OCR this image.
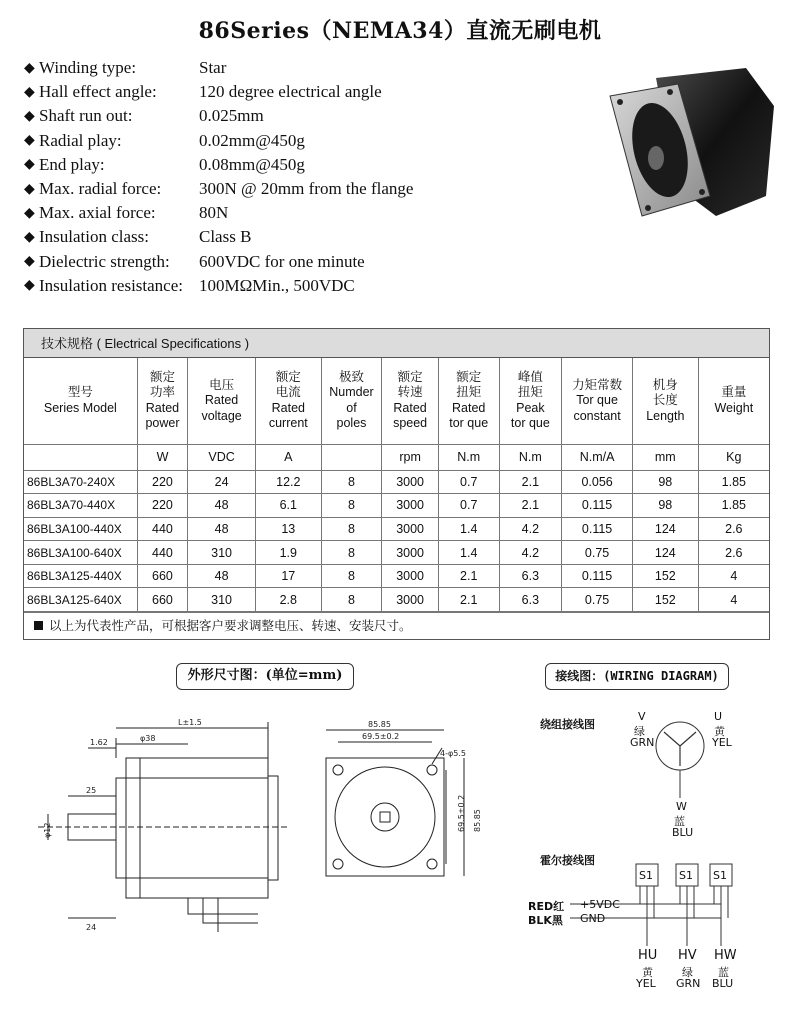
86Series（NEMA34）直流无刷电机
◆ Winding type:	Star
◆ Hall effect angle:	120 degree electrical angle
◆ Shaft run out:	0.025mm
◆ Radial play:	0.02mm@450g
◆ End play:	0.08mm@450g
◆ Max. radial force:	300N @ 20mm from the flange
◆ Max. axial force:	80N
◆ Insulation class:	Class B
◆ Dielectric strength:	600VDC for one minute
◆ Insulation resistance: 100MΩMin., 500VDC
技术规格 ( Electrical Specifications )
型号
Series Model	额定
功率
Rated
power	电压
Rated
voltage	额定
电流
Rated
current	极致
Numder
of
poles	额定
转速
Rated
speed	额定
扭矩
Rated
tor que	峰值
扭矩
Peak
tor que	力矩常数
Tor que
constant	机身
长度
Length	重量
Weight
	W	VDC	A		rpm	N.m	N.m	N.m/A	mm	Kg
86BL3A70-240X	220	24	12.2	8	3000	0.7	2.1	0.056	98	1.85
86BL3A70-440X	220	48	6.1	8	3000	0.7	2.1	0.115	98	1.85
86BL3A100-440X	440	48	13	8	3000	1.4	4.2	0.115	124	2.6
86BL3A100-640X	440	310	1.9	8	3000	1.4	4.2	0.75	124	2.6
86BL3A125-440X	660	48	17	8	3000	2.1	6.3	0.115	152	4
86BL3A125-640X	660	310	2.8	8	3000	2.1	6.3	0.75	152	4
以上为代表性产品，可根据客户要求调整电压、转速、安装尺寸。
外形尺寸图：(单位=mm)	接线图：(WIRING DIAGRAM)
L±1.5
φ38
1.62
25
24
φ12
85.85
69.5±0.2
4-φ5.5
69.5±0.2 85.85
绕组接线图
V
绿
GRN
U
黄
YEL
W
蓝
BLU
霍尔接线图
S1 S1 S1
RED红 +5VDC
BLK黑 GND
HU
黄
YEL
HV
绿
GRN
HW
蓝
BLU
